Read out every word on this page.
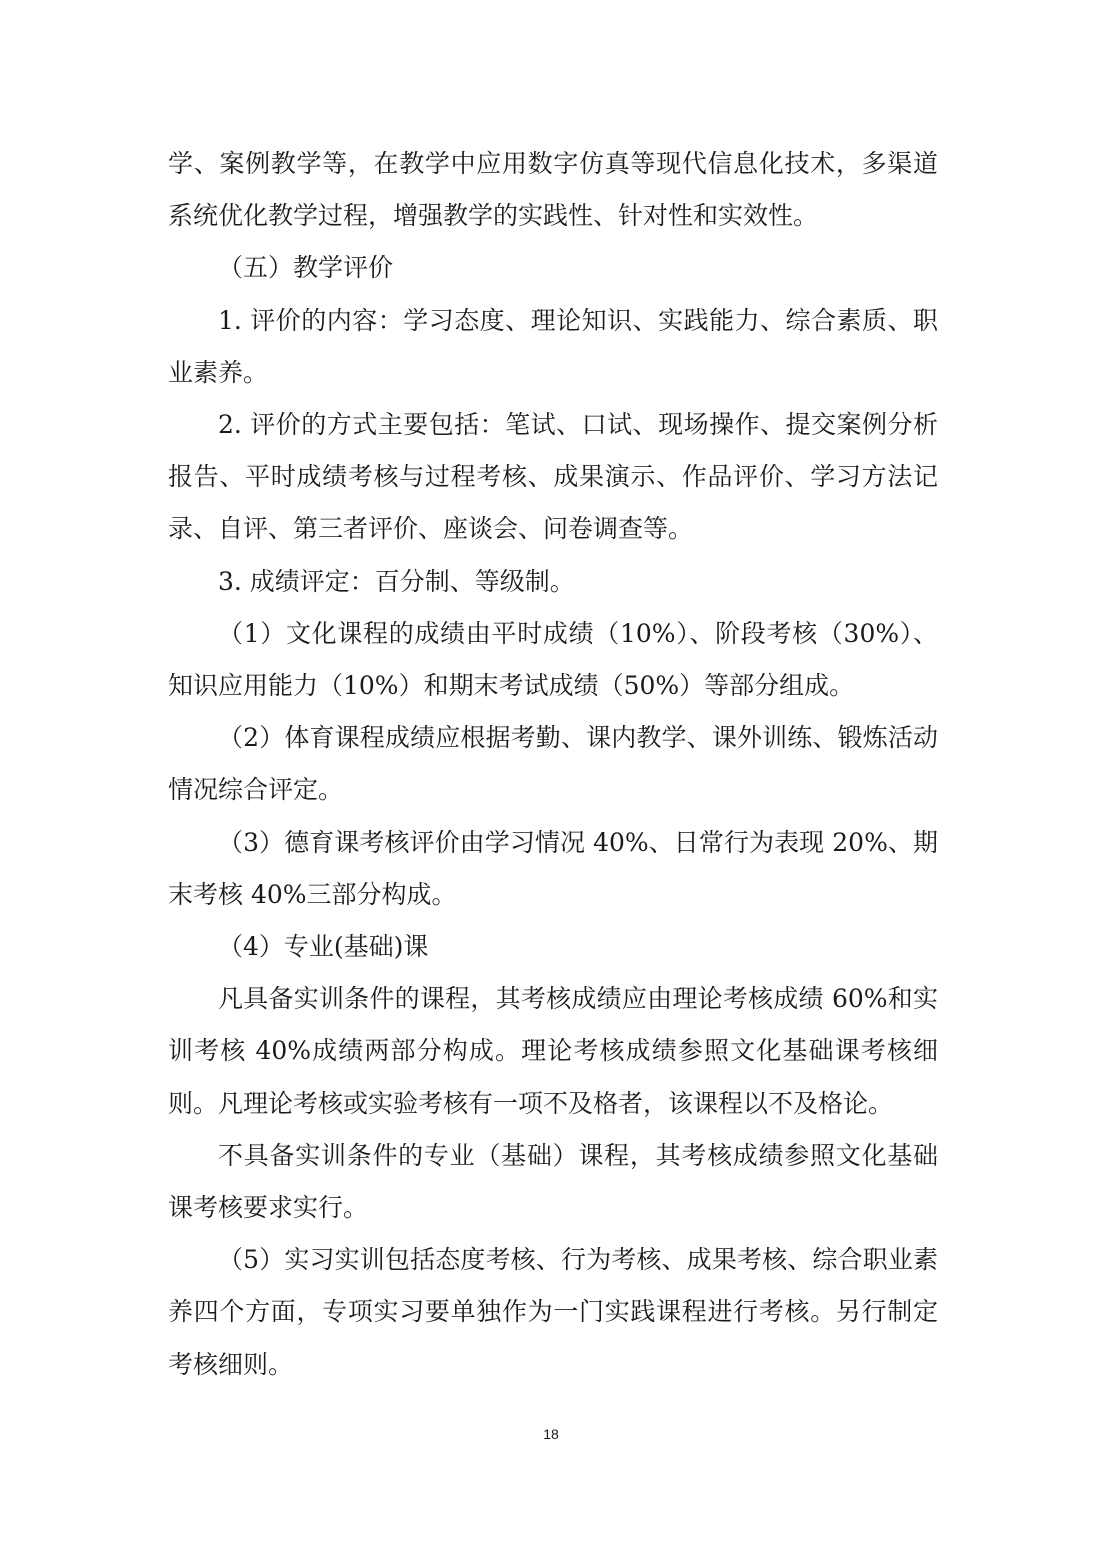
学、案例教学等，在教学中应用数字仿真等现代信息化技术，多渠道系统优化教学过程，增强教学的实践性、针对性和实效性。

（五）教学评价

1. 评价的内容：学习态度、理论知识、实践能力、综合素质、职业素养。

2. 评价的方式主要包括：笔试、口试、现场操作、提交案例分析报告、平时成绩考核与过程考核、成果演示、作品评价、学习方法记录、自评、第三者评价、座谈会、问卷调查等。

3. 成绩评定：百分制、等级制。

（1）文化课程的成绩由平时成绩（10%）、阶段考核（30%）、知识应用能力（10%）和期末考试成绩（50%）等部分组成。

（2）体育课程成绩应根据考勤、课内教学、课外训练、锻炼活动情况综合评定。

（3）德育课考核评价由学习情况 40%、日常行为表现 20%、期末考核 40%三部分构成。

（4）专业(基础)课

凡具备实训条件的课程，其考核成绩应由理论考核成绩 60%和实训考核 40%成绩两部分构成。理论考核成绩参照文化基础课考核细则。凡理论考核或实验考核有一项不及格者，该课程以不及格论。

不具备实训条件的专业（基础）课程，其考核成绩参照文化基础课考核要求实行。

（5）实习实训包括态度考核、行为考核、成果考核、综合职业素养四个方面，专项实习要单独作为一门实践课程进行考核。另行制定考核细则。

18
